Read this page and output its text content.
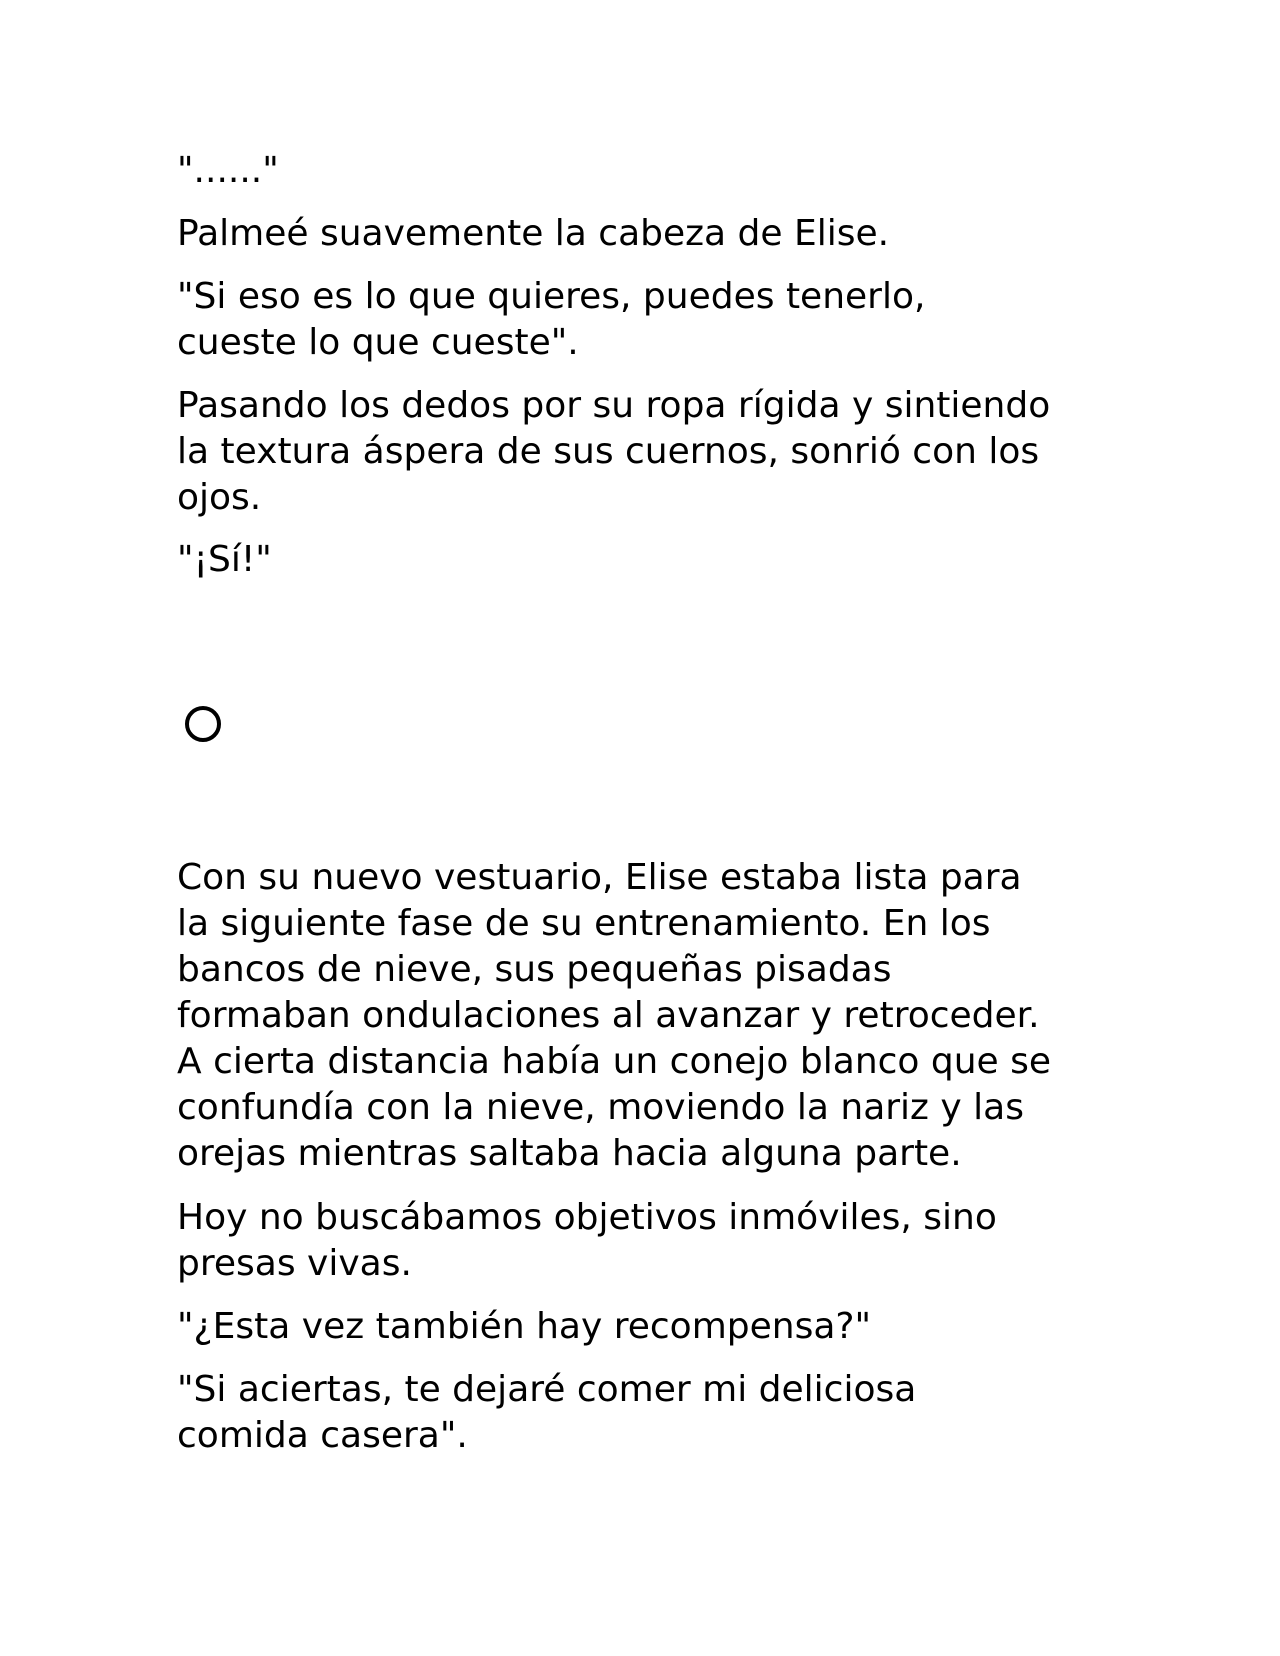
"......"

Palmeé suavemente la cabeza de Elise.

"Si eso es lo que quieres, puedes tenerlo,
cueste lo que cueste".

Pasando los dedos por su ropa rígida y sintiendo
la textura áspera de sus cuernos, sonrió con los
ojos.

"¡Sí!"

Con su nuevo vestuario, Elise estaba lista para
la siguiente fase de su entrenamiento. En los
bancos de nieve, sus pequeñas pisadas
formaban ondulaciones al avanzar y retroceder.
A cierta distancia había un conejo blanco que se
confundía con la nieve, moviendo la nariz y las
orejas mientras saltaba hacia alguna parte.

Hoy no buscábamos objetivos inmóviles, sino
presas vivas.

"¿Esta vez también hay recompensa?"

"Si aciertas, te dejaré comer mi deliciosa
comida casera".
